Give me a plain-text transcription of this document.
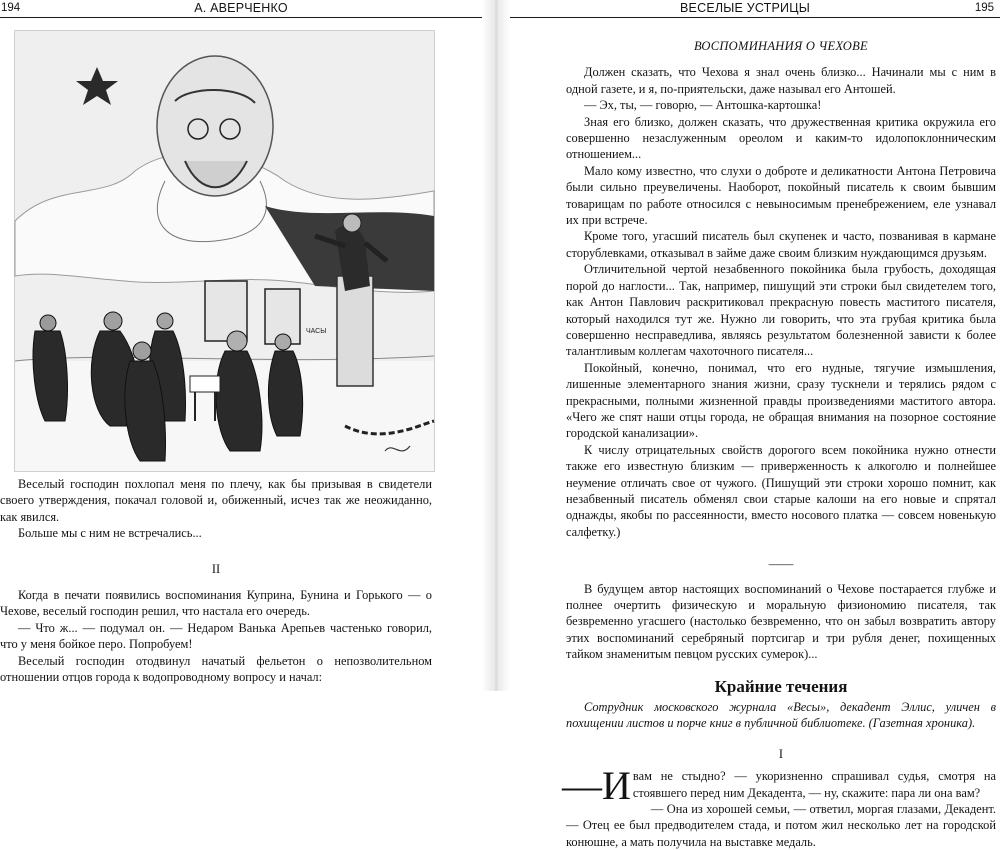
194	А. АВЕРЧЕНКО
ЧАСЫ

Веселый господин похлопал меня по плечу, как бы призывая в свидетели своего утверждения, покачал головой и, обиженный, исчез так же неожиданно, как явился.

Больше мы с ним не встречались...

II

Когда в печати появились воспоминания Куприна, Бунина и Горького — о Чехове, веселый господин решил, что настала его очередь.

— Что ж... — подумал он. — Недаром Ванька Арепьев частенько говорил, что у меня бойкое перо. Попробуем!

Веселый господин отодвинул начатый фельетон о непозволительном отношении отцов города к водопроводному вопросу и начал:

ВЕСЕЛЫЕ УСТРИЦЫ	195

ВОСПОМИНАНИЯ О ЧЕХОВЕ

Должен сказать, что Чехова я знал очень близко... Начинали мы с ним в одной газете, и я, по-приятельски, даже называл его Антошей.

— Эх, ты, — говорю, — Антошка-картошка!

Зная его близко, должен сказать, что дружественная критика окружила его совершенно незаслуженным ореолом и каким-то идолопоклонническим отношением...

Мало кому известно, что слухи о доброте и деликатности Антона Петровича были сильно преувеличены. Наоборот, покойный писатель к своим бывшим товарищам по работе относился с невыносимым пренебрежением, еле узнавал их при встрече.

Кроме того, угасший писатель был скупенек и часто, позванивая в кармане сторублевками, отказывал в займе даже своим близким нуждающимся друзьям.

Отличительной чертой незабвенного покойника была грубость, доходящая порой до наглости... Так, например, пишущий эти строки был свидетелем того, как Антон Павлович раскритиковал прекрасную повесть маститого писателя, который находился тут же. Нужно ли говорить, что эта грубая критика была совершенно несправедлива, являясь результатом болезненной зависти к более талантливым коллегам чахоточного писателя...

Покойный, конечно, понимал, что его нудные, тягучие измышления, лишенные элементарного знания жизни, сразу тускнели и терялись рядом с прекрасными, полными жизненной правды произведениями маститого автора. «Чего же спят наши отцы города, не обращая внимания на позорное состояние городской канализации».

К числу отрицательных свойств дорогого всем покойника нужно отнести также его известную близким — приверженность к алкоголю и полнейшее неумение отличать свое от чужого. (Пишущий эти строки хорошо помнит, как незабвенный писатель обменял свои старые калоши на его новые и спрятал однажды, якобы по рассеянности, вместо носового платка — совсем новенькую салфетку.)

——

В будущем автор настоящих воспоминаний о Чехове постарается глубже и полнее очертить физическую и моральную физиономию писателя, так безвременно угасшего (настолько безвременно, что он забыл возвратить автору этих воспоминаний серебряный портсигар и три рубля денег, похищенных тайком знаменитым певцом русских сумерок)...

Крайние течения

Сотрудник московского журнала «Весы», декадент Эллис, уличен в похищении листов и порче книг в публичной библиотеке. (Газетная хроника).

I

—И вам не стыдно? — укоризненно спрашивал судья, смотря на стоявшего перед ним Декадента, — ну, скажите: пара ли она вам?

— Она из хорошей семьи, — ответил, моргая глазами, Декадент. — Отец ее был предводителем стада, и потом жил несколько лет на городской конюшне, а мать получила на выставке медаль.
